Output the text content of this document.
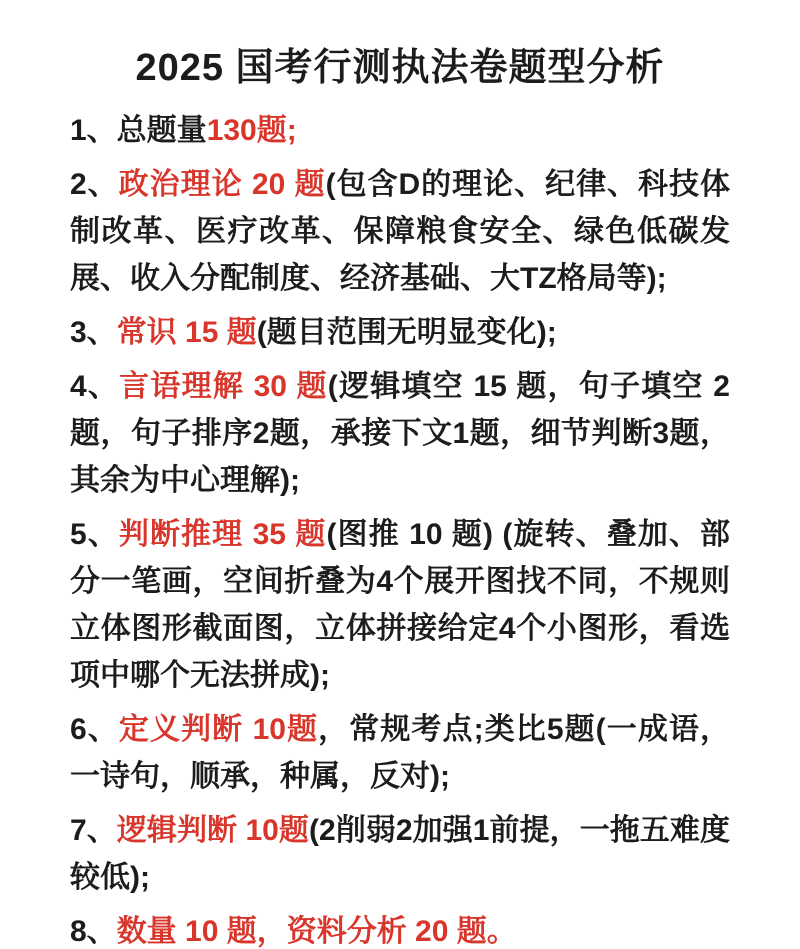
2025 国考行测执法卷题型分析

1、总题量130题;

2、政治理论 20 题(包含D的理论、纪律、科技体制改革、医疗改革、保障粮食安全、绿色低碳发展、收入分配制度、经济基础、大TZ格局等);

3、常识 15 题(题目范围无明显变化);

4、言语理解 30 题(逻辑填空 15 题，句子填空 2 题，句子排序2题，承接下文1题，细节判断3题，其余为中心理解);

5、判断推理 35 题(图推 10 题) (旋转、叠加、部分一笔画，空间折叠为4个展开图找不同，不规则立体图形截面图，立体拼接给定4个小图形，看选项中哪个无法拼成);

6、定义判断 10题，常规考点;类比5题(一成语，一诗句，顺承，种属，反对);

7、逻辑判断 10题(2削弱2加强1前提，一拖五难度较低);

8、数量 10 题，资料分析 20 题。
